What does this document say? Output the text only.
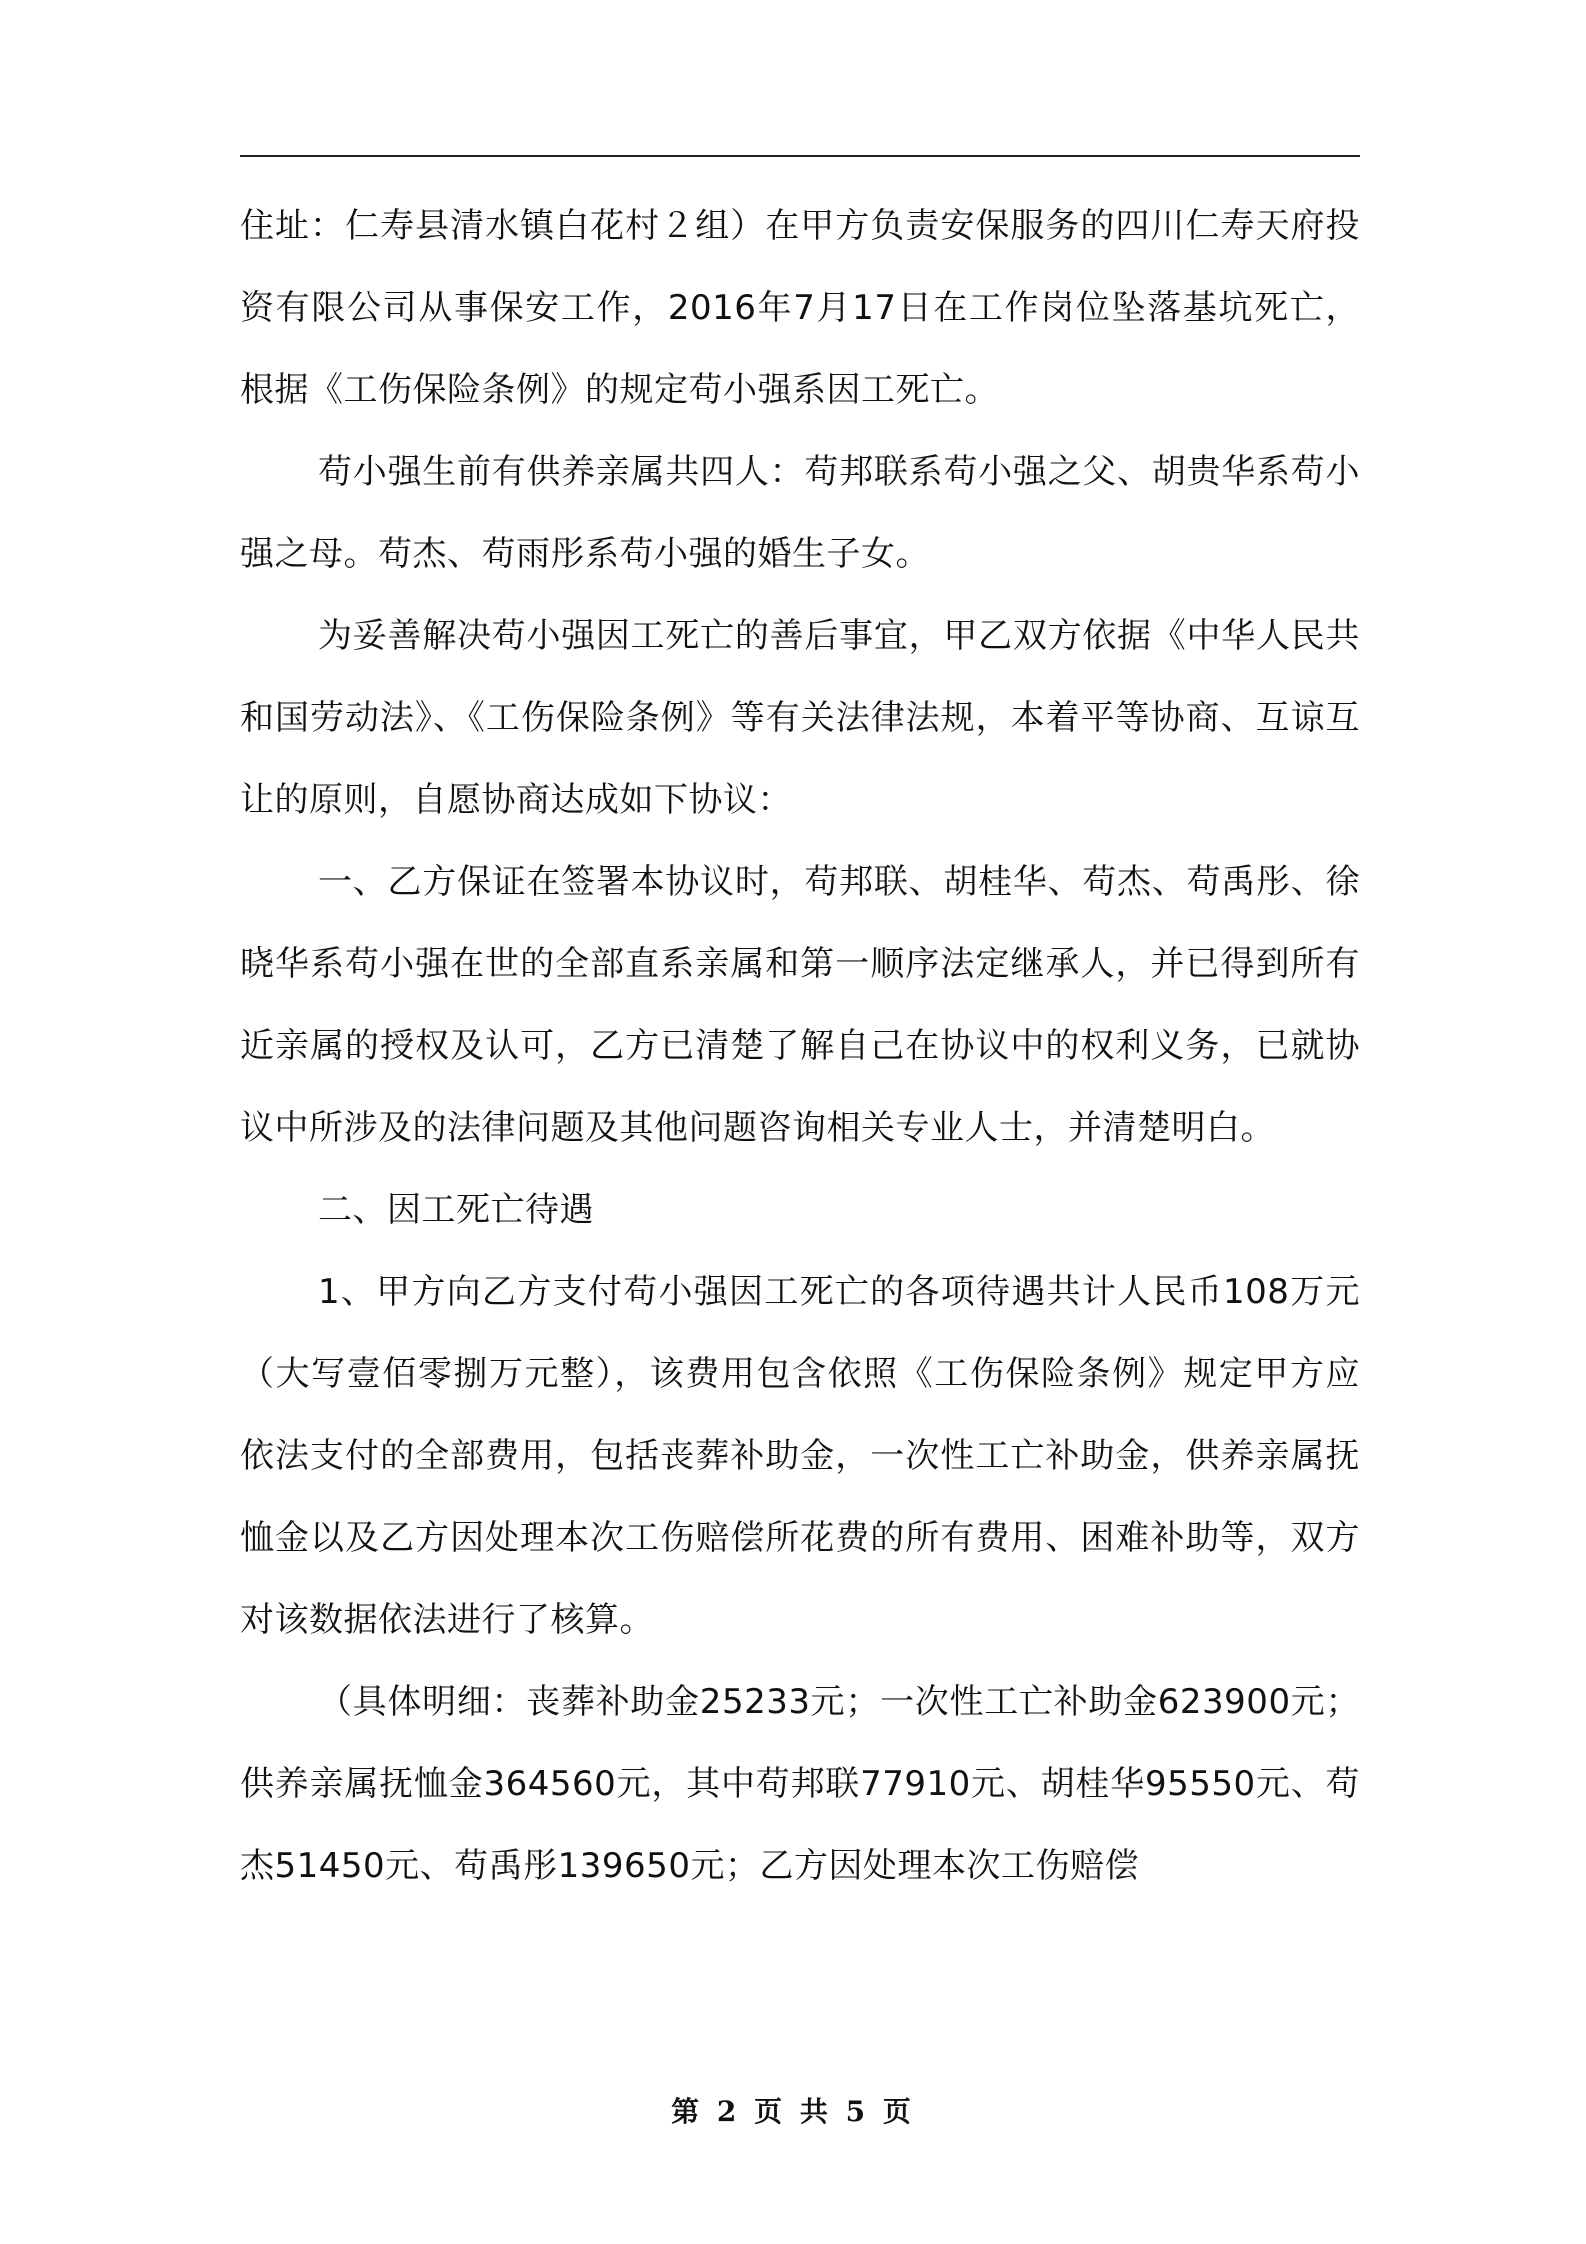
住址：仁寿县清水镇白花村２组）在甲方负责安保服务的四川仁寿天府投资有限公司从事保安工作，2016年7月17日在工作岗位坠落基坑死亡，根据《工伤保险条例》的规定苟小强系因工死亡。

苟小强生前有供养亲属共四人：苟邦联系苟小强之父、胡贵华系苟小强之母。苟杰、苟雨彤系苟小强的婚生子女。

为妥善解决苟小强因工死亡的善后事宜，甲乙双方依据《中华人民共和国劳动法》、《工伤保险条例》等有关法律法规，本着平等协商、互谅互让的原则，自愿协商达成如下协议：

一、乙方保证在签署本协议时，苟邦联、胡桂华、苟杰、苟禹彤、徐晓华系苟小强在世的全部直系亲属和第一顺序法定继承人，并已得到所有近亲属的授权及认可，乙方已清楚了解自己在协议中的权利义务，已就协议中所涉及的法律问题及其他问题咨询相关专业人士，并清楚明白。

二、因工死亡待遇

1、甲方向乙方支付苟小强因工死亡的各项待遇共计人民币108万元（大写壹佰零捌万元整），该费用包含依照《工伤保险条例》规定甲方应依法支付的全部费用，包括丧葬补助金，一次性工亡补助金，供养亲属抚恤金以及乙方因处理本次工伤赔偿所花费的所有费用、困难补助等，双方对该数据依法进行了核算。

（具体明细：丧葬补助金25233元；一次性工亡补助金623900元；供养亲属抚恤金364560元，其中苟邦联77910元、胡桂华95550元、苟杰51450元、苟禹彤139650元；乙方因处理本次工伤赔偿

第 2 页 共 5 页
